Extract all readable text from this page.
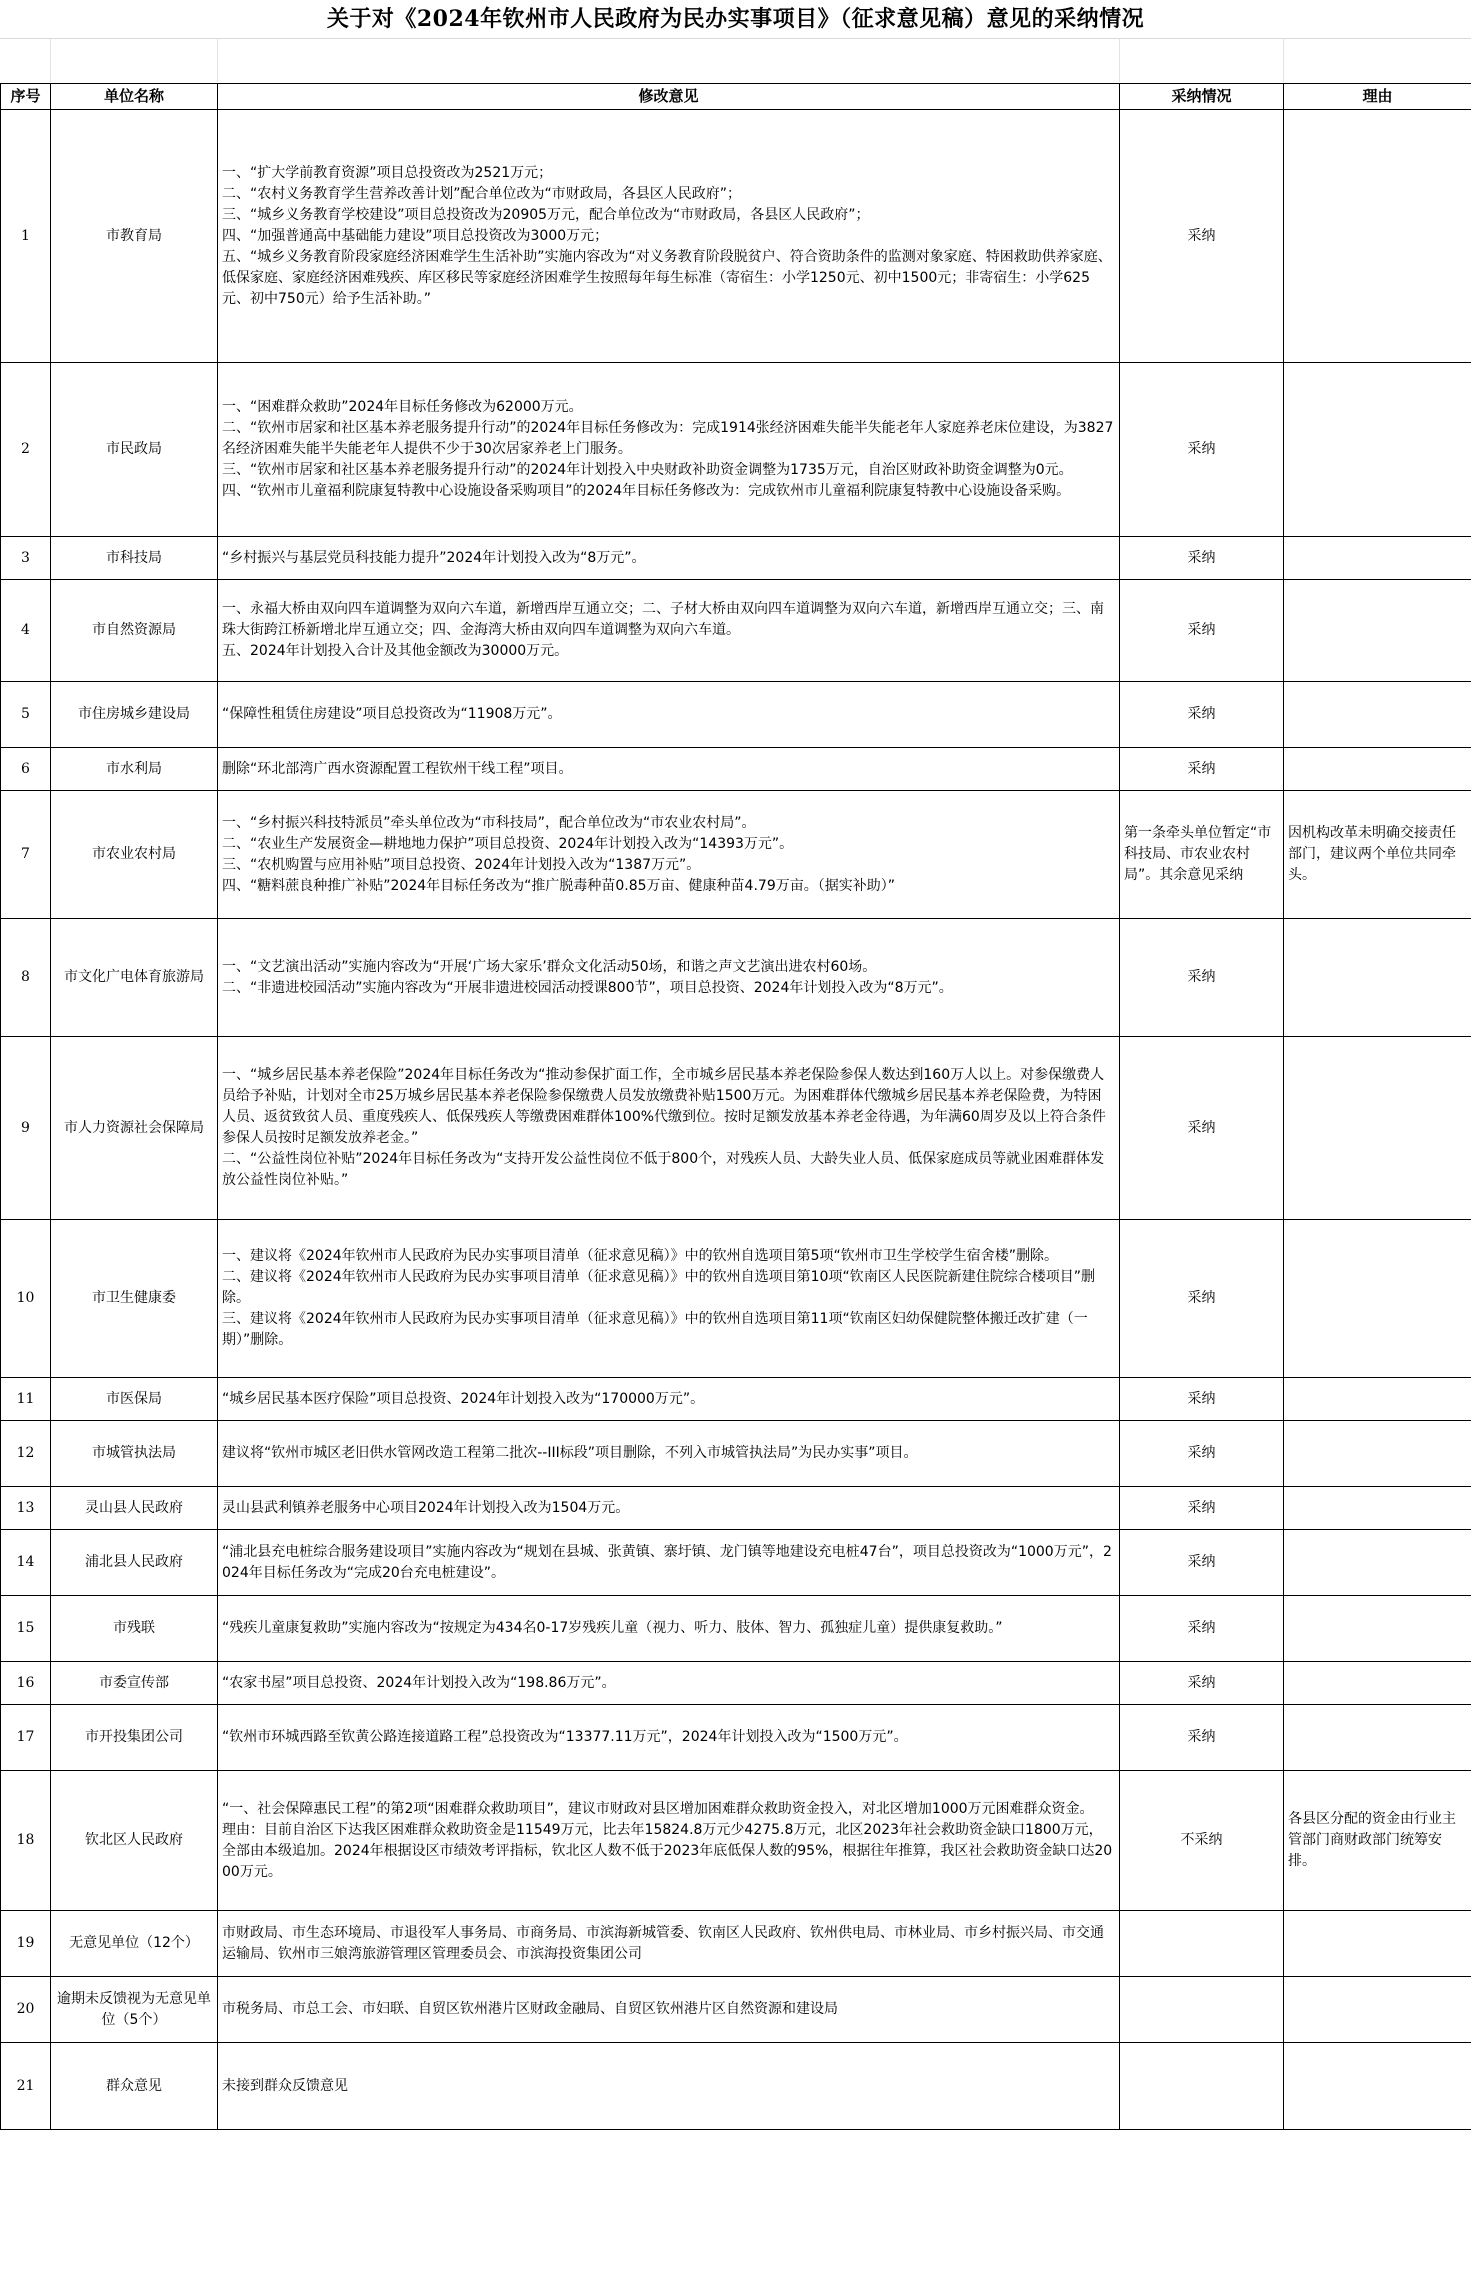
关于对《2024年钦州市人民政府为民办实事项目》（征求意见稿）意见的采纳情况
序号	单位名称	修改意见	采纳情况	理由
1	市教育局	一、“扩大学前教育资源”项目总投资改为2521万元；
二、“农村义务教育学生营养改善计划”配合单位改为“市财政局，各县区人民政府”；
三、“城乡义务教育学校建设”项目总投资改为20905万元，配合单位改为“市财政局，各县区人民政府”；
四、“加强普通高中基础能力建设”项目总投资改为3000万元；
五、“城乡义务教育阶段家庭经济困难学生生活补助”实施内容改为“对义务教育阶段脱贫户、符合资助条件的监测对象家庭、特困救助供养家庭、低保家庭、家庭经济困难残疾、库区移民等家庭经济困难学生按照每年每生标准（寄宿生：小学1250元、初中1500元；非寄宿生：小学625元、初中750元）给予生活补助。”	采纳	
2	市民政局	一、“困难群众救助”2024年目标任务修改为62000万元。
二、“钦州市居家和社区基本养老服务提升行动”的2024年目标任务修改为：完成1914张经济困难失能半失能老年人家庭养老床位建设，为3827名经济困难失能半失能老年人提供不少于30次居家养老上门服务。
三、“钦州市居家和社区基本养老服务提升行动”的2024年计划投入中央财政补助资金调整为1735万元，自治区财政补助资金调整为0元。
四、“钦州市儿童福利院康复特教中心设施设备采购项目”的2024年目标任务修改为：完成钦州市儿童福利院康复特教中心设施设备采购。	采纳	
3	市科技局	“乡村振兴与基层党员科技能力提升”2024年计划投入改为“8万元”。	采纳	
4	市自然资源局	一、永福大桥由双向四车道调整为双向六车道，新增西岸互通立交；二、子材大桥由双向四车道调整为双向六车道，新增西岸互通立交；三、南珠大街跨江桥新增北岸互通立交；四、金海湾大桥由双向四车道调整为双向六车道。
五、2024年计划投入合计及其他金额改为30000万元。	采纳	
5	市住房城乡建设局	“保障性租赁住房建设”项目总投资改为“11908万元”。	采纳	
6	市水利局	删除“环北部湾广西水资源配置工程钦州干线工程”项目。	采纳	
7	市农业农村局	一、“乡村振兴科技特派员”牵头单位改为“市科技局”，配合单位改为“市农业农村局”。
二、“农业生产发展资金—耕地地力保护”项目总投资、2024年计划投入改为“14393万元”。
三、“农机购置与应用补贴”项目总投资、2024年计划投入改为“1387万元”。
四、“糖料蔗良种推广补贴”2024年目标任务改为“推广脱毒种苗0.85万亩、健康种苗4.79万亩。（据实补助）”	第一条牵头单位暂定“市科技局、市农业农村局”。其余意见采纳	因机构改革未明确交接责任部门，建议两个单位共同牵头。
8	市文化广电体育旅游局	一、“文艺演出活动”实施内容改为“开展‘广场大家乐’群众文化活动50场，和谐之声文艺演出进农村60场。
二、“非遗进校园活动”实施内容改为“开展非遗进校园活动授课800节”，项目总投资、2024年计划投入改为“8万元”。	采纳	
9	市人力资源社会保障局	一、“城乡居民基本养老保险”2024年目标任务改为“推动参保扩面工作，全市城乡居民基本养老保险参保人数达到160万人以上。对参保缴费人员给予补贴，计划对全市25万城乡居民基本养老保险参保缴费人员发放缴费补贴1500万元。为困难群体代缴城乡居民基本养老保险费，为特困人员、返贫致贫人员、重度残疾人、低保残疾人等缴费困难群体100%代缴到位。按时足额发放基本养老金待遇，为年满60周岁及以上符合条件参保人员按时足额发放养老金。”
二、“公益性岗位补贴”2024年目标任务改为“支持开发公益性岗位不低于800个，对残疾人员、大龄失业人员、低保家庭成员等就业困难群体发放公益性岗位补贴。”	采纳	
10	市卫生健康委	一、建议将《2024年钦州市人民政府为民办实事项目清单（征求意见稿）》中的钦州自选项目第5项“钦州市卫生学校学生宿舍楼”删除。
二、建议将《2024年钦州市人民政府为民办实事项目清单（征求意见稿）》中的钦州自选项目第10项“钦南区人民医院新建住院综合楼项目”删除。
三、建议将《2024年钦州市人民政府为民办实事项目清单（征求意见稿）》中的钦州自选项目第11项“钦南区妇幼保健院整体搬迁改扩建（一期）”删除。	采纳	
11	市医保局	“城乡居民基本医疗保险”项目总投资、2024年计划投入改为“170000万元”。	采纳	
12	市城管执法局	建议将“钦州市城区老旧供水管网改造工程第二批次--III标段”项目删除，不列入市城管执法局”为民办实事”项目。	采纳	
13	灵山县人民政府	灵山县武利镇养老服务中心项目2024年计划投入改为1504万元。	采纳	
14	浦北县人民政府	“浦北县充电桩综合服务建设项目”实施内容改为“规划在县城、张黄镇、寨圩镇、龙门镇等地建设充电桩47台”，项目总投资改为“1000万元”，2024年目标任务改为“完成20台充电桩建设”。	采纳	
15	市残联	“残疾儿童康复救助”实施内容改为“按规定为434名0-17岁残疾儿童（视力、听力、肢体、智力、孤独症儿童）提供康复救助。”	采纳	
16	市委宣传部	“农家书屋”项目总投资、2024年计划投入改为“198.86万元”。	采纳	
17	市开投集团公司	“钦州市环城西路至钦黄公路连接道路工程”总投资改为“13377.11万元”，2024年计划投入改为“1500万元”。	采纳	
18	钦北区人民政府	“一、社会保障惠民工程”的第2项“困难群众救助项目”，建议市财政对县区增加困难群众救助资金投入，对北区增加1000万元困难群众资金。
理由：目前自治区下达我区困难群众救助资金是11549万元，比去年15824.8万元少4275.8万元，北区2023年社会救助资金缺口1800万元，全部由本级追加。2024年根据设区市绩效考评指标，钦北区人数不低于2023年底低保人数的95%，根据往年推算，我区社会救助资金缺口达2000万元。	不采纳	各县区分配的资金由行业主管部门商财政部门统筹安排。
19	无意见单位（12个）	市财政局、市生态环境局、市退役军人事务局、市商务局、市滨海新城管委、钦南区人民政府、钦州供电局、市林业局、市乡村振兴局、市交通运输局、钦州市三娘湾旅游管理区管理委员会、市滨海投资集团公司		

20	逾期未反馈视为无意见单位（5个）	市税务局、市总工会、市妇联、自贸区钦州港片区财政金融局、自贸区钦州港片区自然资源和建设局		

21	群众意见	未接到群众反馈意见		
